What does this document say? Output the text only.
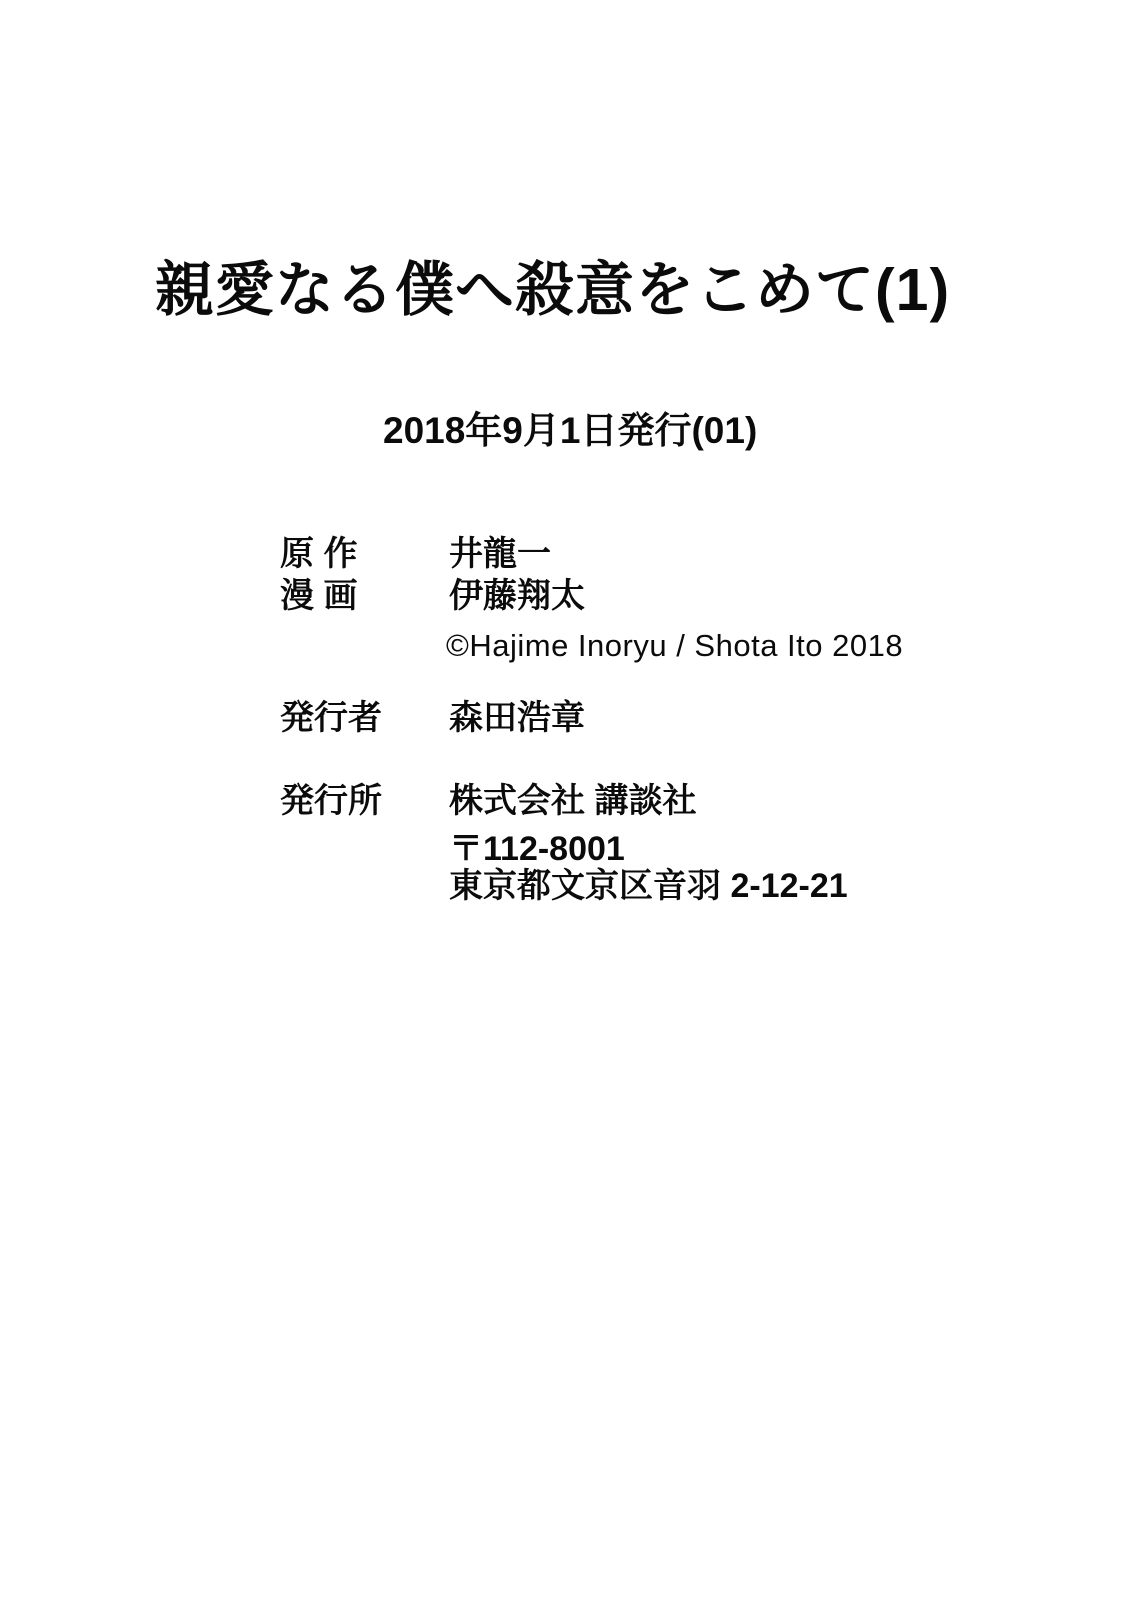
親愛なる僕へ殺意をこめて(1)
2018年9月1日発行(01)
原 作	井龍一
漫 画	伊藤翔太
©Hajime Inoryu / Shota Ito 2018
発行者 森田浩章
発行所 株式会社 講談社
〒112-8001
東京都文京区音羽 2-12-21
